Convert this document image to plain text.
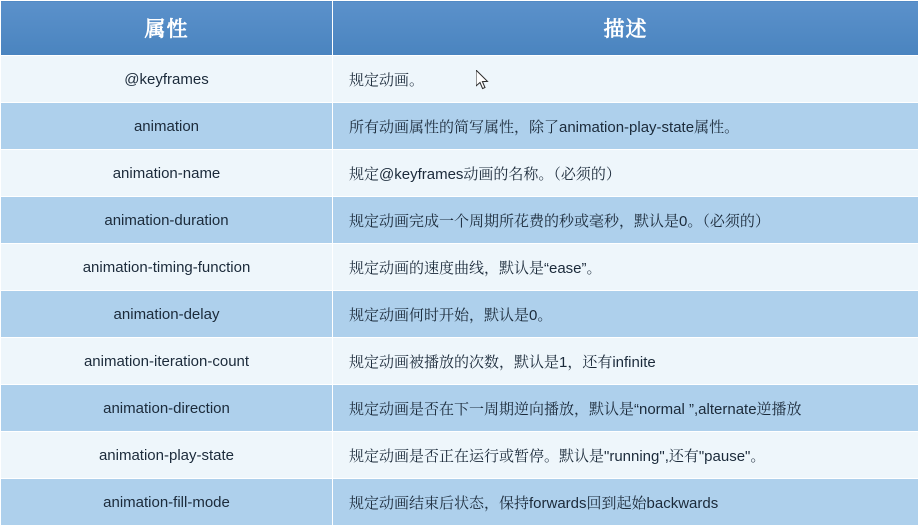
属性	描述
@keyframes	规定动画。
animation	所有动画属性的简写属性，除了animation-play-state属性。
animation-name	规定@keyframes动画的名称。（必须的）
animation-duration	规定动画完成一个周期所花费的秒或毫秒，默认是0。（必须的）
animation-timing-function	规定动画的速度曲线，默认是“ease”。
animation-delay	规定动画何时开始，默认是0。
animation-iteration-count	规定动画被播放的次数，默认是1，还有infinite
animation-direction	规定动画是否在下一周期逆向播放，默认是“normal ”,alternate逆播放
animation-play-state	规定动画是否正在运行或暂停。默认是"running",还有"pause"。
animation-fill-mode	规定动画结束后状态，保持forwards回到起始backwards
